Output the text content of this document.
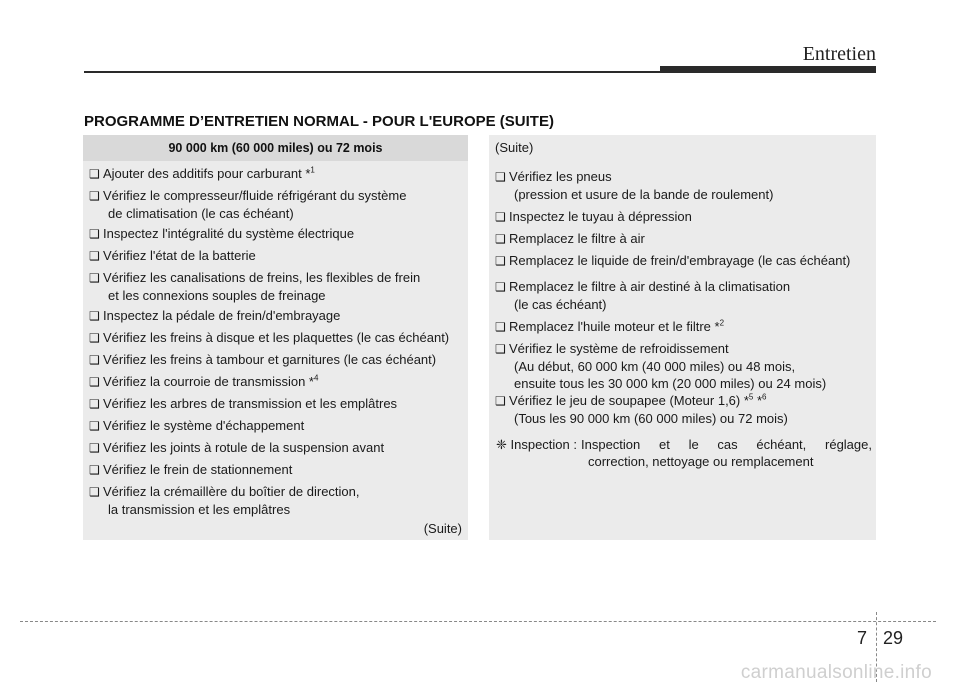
Entretien
PROGRAMME D’ENTRETIEN NORMAL - POUR L'EUROPE (SUITE)
90 000 km (60 000 miles) ou 72 mois
❑ Ajouter des additifs pour carburant *$^1$
❑ Vérifiez le compresseur/fluide réfrigérant du système
de climatisation (le cas échéant)
❑ Inspectez l'intégralité du système électrique
❑ Vérifiez l'état de la batterie
❑ Vérifiez les canalisations de freins, les flexibles de frein
et les connexions souples de freinage
❑ Inspectez la pédale de frein/d'embrayage
❑ Vérifiez les freins à disque et les plaquettes (le cas échéant)
❑ Vérifiez les freins à tambour et garnitures (le cas échéant)
❑ Vérifiez la courroie de transmission *$^4$
❑ Vérifiez les arbres de transmission et les emplâtres
❑ Vérifiez le système d'échappement
❑ Vérifiez les joints à rotule de la suspension avant
❑ Vérifiez le frein de stationnement
❑ Vérifiez la crémaillère du boîtier de direction,
la transmission et les emplâtres
(Suite)
(Suite)
❑ Vérifiez les pneus
(pression et usure de la bande de roulement)
❑ Inspectez le tuyau à dépression
❑ Remplacez le filtre à air
❑ Remplacez le liquide de frein/d'embrayage (le cas échéant)
❑ Remplacez le filtre à air destiné à la climatisation
(le cas échéant)
❑ Remplacez l'huile moteur et le filtre *$^2$
❑ Vérifiez le système de refroidissement
(Au début, 60 000 km (40 000 miles) ou 48 mois,
ensuite tous les 30 000 km (20 000 miles) ou 24 mois)
❑ Vérifiez le jeu de soupapee (Moteur 1,6) *$^5$ *$^6$
(Tous les 90 000 km (60 000 miles) ou 72 mois)
❈ Inspection : Inspection et le cas échéant, réglage,
correction, nettoyage ou remplacement
7 29
carmanualsonline.info
